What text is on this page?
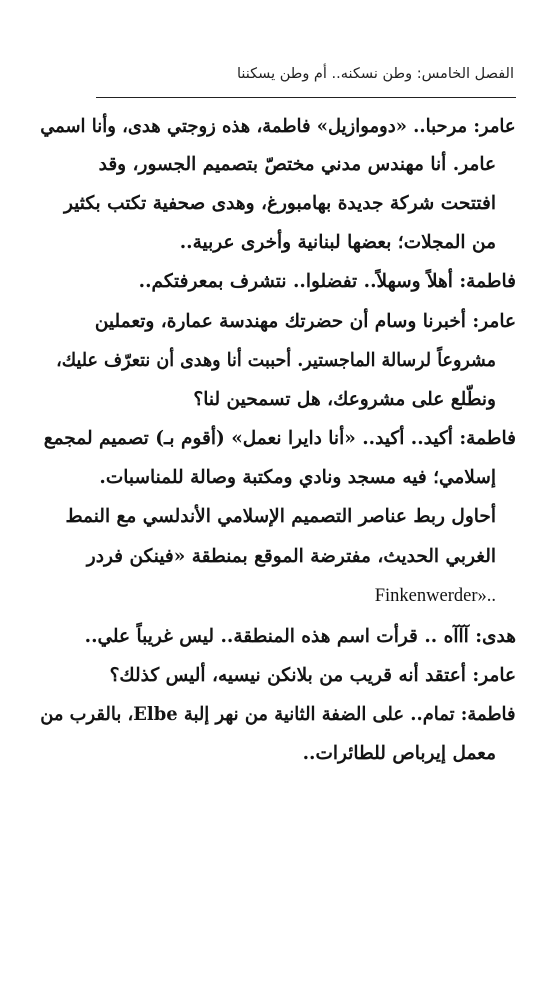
الفصل الخامس: وطن نسكنه.. أم وطن يسكننا
عامر: مرحبا.. «دوموازيل» فاطمة، هذه زوجتي هدى، وأنا اسمي
عامر. أنا مهندس مدني مختصّ بتصميم الجسور، وقد
افتتحت شركة جديدة بهامبورغ، وهدى صحفية تكتب بكثير
من المجلات؛ بعضها لبنانية وأخرى عربية..
فاطمة: أهلاً وسهلاً.. تفضلوا.. نتشرف بمعرفتكم..
عامر: أخبرنا وسام أن حضرتك مهندسة عمارة، وتعملين
مشروعاً لرسالة الماجستير. أحببت أنا وهدى أن نتعرّف عليك،
ونطّلع على مشروعك، هل تسمحين لنا؟
فاطمة: أكيد.. أكيد.. «أنا دايرا نعمل» (أقوم بـ) تصميم لمجمع
إسلامي؛ فيه مسجد ونادي ومكتبة وصالة للمناسبات.
أحاول ربط عناصر التصميم الإسلامي الأندلسي مع النمط
الغربي الحديث، مفترضة الموقع بمنطقة «فينكن فردر
Finkenwerder»..
هدى: آآآه .. قرأت اسم هذه المنطقة.. ليس غريباً علي..
عامر: أعتقد أنه قريب من بلانكن نيسيه، أليس كذلك؟
فاطمة: تمام.. على الضفة الثانية من نهر إلبة Elbe، بالقرب من
معمل إيرباص للطائرات..
